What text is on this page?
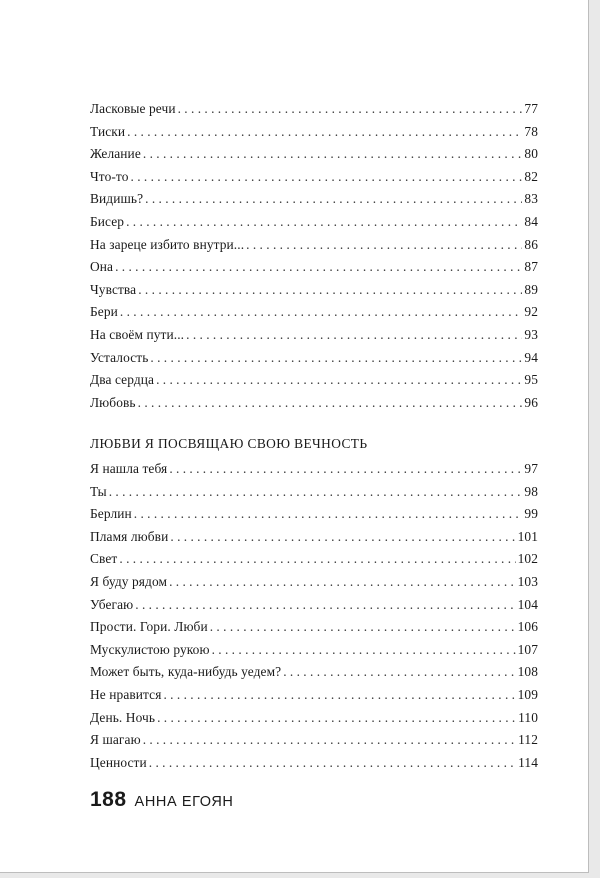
Ласковые речи . . .	77
Тиски . . .	78
Желание . . .	80
Что-то . . .	82
Видишь? . . .	83
Бисер . . .	84
На зареце избито внутри... . . .	86
Она . . .	87
Чувства . . .	89
Бери . . .	92
На своём пути... . . .	93
Усталость . . .	94
Два сердца . . .	95
Любовь . . .	96
ЛЮБВИ Я ПОСВЯЩАЮ СВОЮ ВЕЧНОСТЬ
Я нашла тебя . . .	97
Ты . . .	98
Берлин . . .	99
Пламя любви . . .	101
Свет . . .	102
Я буду рядом . . .	103
Убегаю . . .	104
Прости. Гори. Люби . . .	106
Мускулистою рукою . . .	107
Может быть, куда-нибудь уедем? . . .	108
Не нравится . . .	109
День. Ночь . . .	110
Я шагаю . . .	112
Ценности . . .	114
188 АННА ЕГОЯН
